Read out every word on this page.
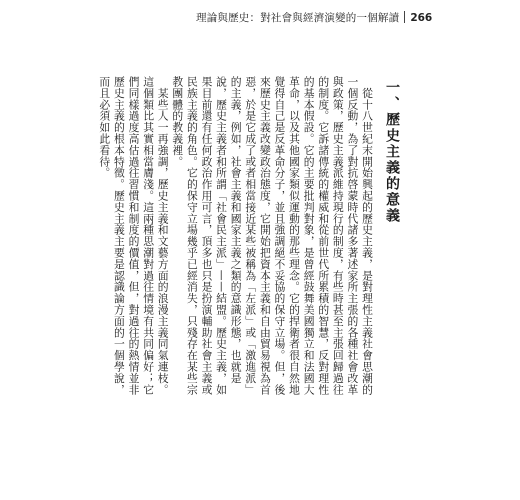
理論與歷史：對社會與經濟演變的一個解讀 266
一、歷史主義的意義

　從十八世紀末開始興起的歷史主義，是對理性主義社會思潮的一個反動，為了對抗啓蒙時代諸多著述家所主張的各種社會改革與政策，歷史主義派維持現行的制度，有些時甚至主張回歸過往的制度。它訴諸傳統的權威和從前世代所累積的智慧，反對理性的基本假設。它的主要批判對象，是曾經鼓舞美國獨立和法國大革命，以及其他國家類似運動的那些理念。它的捍衛者很自然地覺得自己是反革命分子，並且強調絕不妥協的保守立場。但，後來歷史主義改變政治態度，它開始把資本主義和自由貿易視為首惡，於是它成了或者相當接近某些被稱為「左派」或「激進派」的主義，例如，社會主義和國家主義之類的意識形態，也就是說，歷史主義者和所謂「社會民主派」——結盟。歷史主義，如果目前還有任何政治作用可言，頂多也只是扮演輔助社會主義或民族主義的角色。它的保守立場幾乎已經消失，只殘存在某些宗教團體的教義裡。

　某些人一再強調，歷史主義和文藝方面的浪漫主義同氣連枝。這個類比其實相當膚淺。這兩種思潮對過往情境有共同偏好；它們同樣過度高估過往習慣和制度的價值，但，對過往的熱情並非歷史主義的根本特徵。歷史主義主要是認識論方面的一個學說，而且必須如此看待。
